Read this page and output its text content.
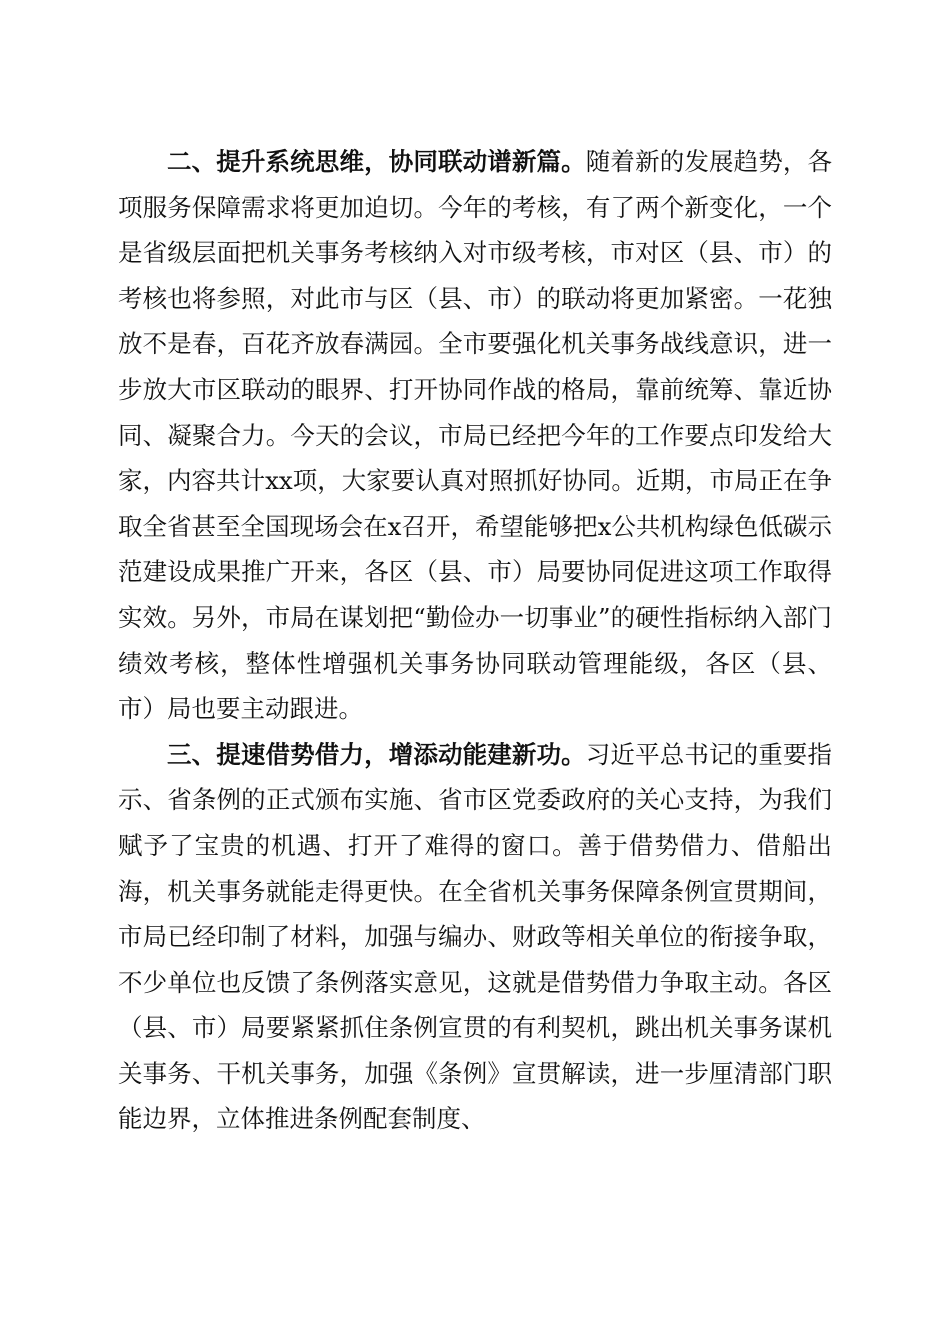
二、提升系统思维，协同联动谱新篇。随着新的发展趋势，各项服务保障需求将更加迫切。今年的考核，有了两个新变化，一个是省级层面把机关事务考核纳入对市级考核，市对区（县、市）的考核也将参照，对此市与区（县、市）的联动将更加紧密。一花独放不是春，百花齐放春满园。全市要强化机关事务战线意识，进一步放大市区联动的眼界、打开协同作战的格局，靠前统筹、靠近协同、凝聚合力。今天的会议，市局已经把今年的工作要点印发给大家，内容共计xx项，大家要认真对照抓好协同。近期，市局正在争取全省甚至全国现场会在x召开，希望能够把x公共机构绿色低碳示范建设成果推广开来，各区（县、市）局要协同促进这项工作取得实效。另外，市局在谋划把“勤俭办一切事业”的硬性指标纳入部门绩效考核，整体性增强机关事务协同联动管理能级，各区（县、市）局也要主动跟进。

三、提速借势借力，增添动能建新功。习近平总书记的重要指示、省条例的正式颁布实施、省市区党委政府的关心支持，为我们赋予了宝贵的机遇、打开了难得的窗口。善于借势借力、借船出海，机关事务就能走得更快。在全省机关事务保障条例宣贯期间，市局已经印制了材料，加强与编办、财政等相关单位的衔接争取，不少单位也反馈了条例落实意见，这就是借势借力争取主动。各区（县、市）局要紧紧抓住条例宣贯的有利契机，跳出机关事务谋机关事务、干机关事务，加强《条例》宣贯解读，进一步厘清部门职能边界，立体推进条例配套制度、
